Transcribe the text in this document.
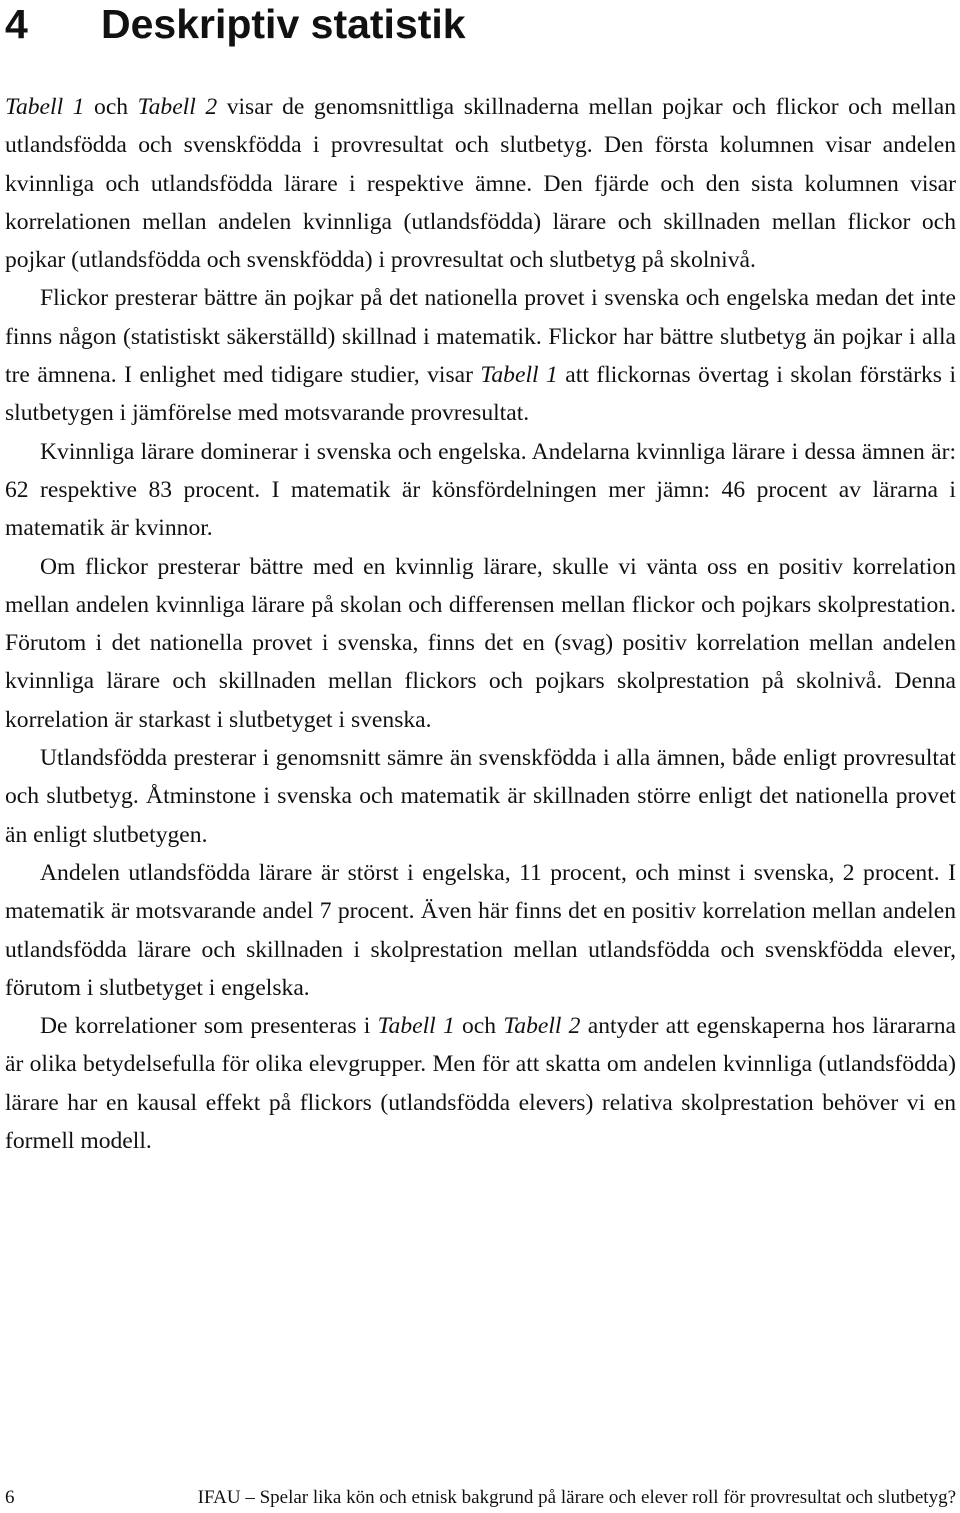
4	Deskriptiv statistik

Tabell 1 och Tabell 2 visar de genomsnittliga skillnaderna mellan pojkar och flickor och mellan utlandsfödda och svenskfödda i provresultat och slutbetyg. Den första kolumnen visar andelen kvinnliga och utlandsfödda lärare i respektive ämne. Den fjärde och den sista kolumnen visar korrelationen mellan andelen kvinnliga (utlandsfödda) lärare och skillnaden mellan flickor och pojkar (utlandsfödda och svenskfödda) i provresultat och slutbetyg på skolnivå.

Flickor presterar bättre än pojkar på det nationella provet i svenska och engelska medan det inte finns någon (statistiskt säkerställd) skillnad i matematik. Flickor har bättre slutbetyg än pojkar i alla tre ämnena. I enlighet med tidigare studier, visar Tabell 1 att flickornas övertag i skolan förstärks i slutbetygen i jämförelse med motsvarande provresultat.

Kvinnliga lärare dominerar i svenska och engelska. Andelarna kvinnliga lärare i dessa ämnen är: 62 respektive 83 procent. I matematik är könsfördelningen mer jämn: 46 procent av lärarna i matematik är kvinnor.

Om flickor presterar bättre med en kvinnlig lärare, skulle vi vänta oss en positiv korrelation mellan andelen kvinnliga lärare på skolan och differensen mellan flickor och pojkars skolprestation. Förutom i det nationella provet i svenska, finns det en (svag) positiv korrelation mellan andelen kvinnliga lärare och skillnaden mellan flickors och pojkars skolprestation på skolnivå. Denna korrelation är starkast i slutbetyget i svenska.

Utlandsfödda presterar i genomsnitt sämre än svenskfödda i alla ämnen, både enligt provresultat och slutbetyg. Åtminstone i svenska och matematik är skillnaden större enligt det nationella provet än enligt slutbetygen.

Andelen utlandsfödda lärare är störst i engelska, 11 procent, och minst i svenska, 2 procent. I matematik är motsvarande andel 7 procent. Även här finns det en positiv korrelation mellan andelen utlandsfödda lärare och skillnaden i skolprestation mellan utlandsfödda och svenskfödda elever, förutom i slutbetyget i engelska.

De korrelationer som presenteras i Tabell 1 och Tabell 2 antyder att egenskaperna hos lärararna är olika betydelsefulla för olika elevgrupper. Men för att skatta om andelen kvinnliga (utlandsfödda) lärare har en kausal effekt på flickors (utlandsfödda elevers) relativa skolprestation behöver vi en formell modell.

6	IFAU – Spelar lika kön och etnisk bakgrund på lärare och elever roll för provresultat och slutbetyg?
